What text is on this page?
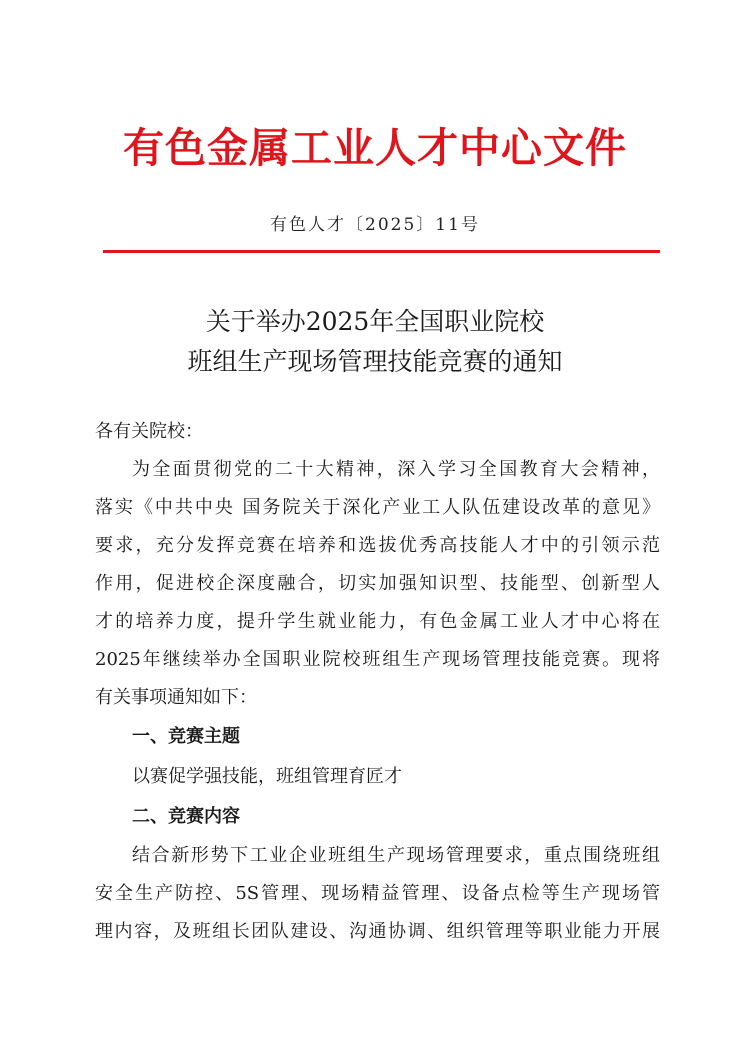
有色金属工业人才中心文件
有色人才〔2025〕11号
关于举办2025年全国职业院校
班组生产现场管理技能竞赛的通知
各有关院校：
为全面贯彻党的二十大精神，深入学习全国教育大会精神，
落实《中共中央 国务院关于深化产业工人队伍建设改革的意见》
要求，充分发挥竞赛在培养和选拔优秀高技能人才中的引领示范
作用，促进校企深度融合，切实加强知识型、技能型、创新型人
才的培养力度，提升学生就业能力，有色金属工业人才中心将在
2025年继续举办全国职业院校班组生产现场管理技能竞赛。现将
有关事项通知如下：
一、竞赛主题
以赛促学强技能，班组管理育匠才
二、竞赛内容
结合新形势下工业企业班组生产现场管理要求，重点围绕班组
安全生产防控、5S管理、现场精益管理、设备点检等生产现场管
理内容，及班组长团队建设、沟通协调、组织管理等职业能力开展
